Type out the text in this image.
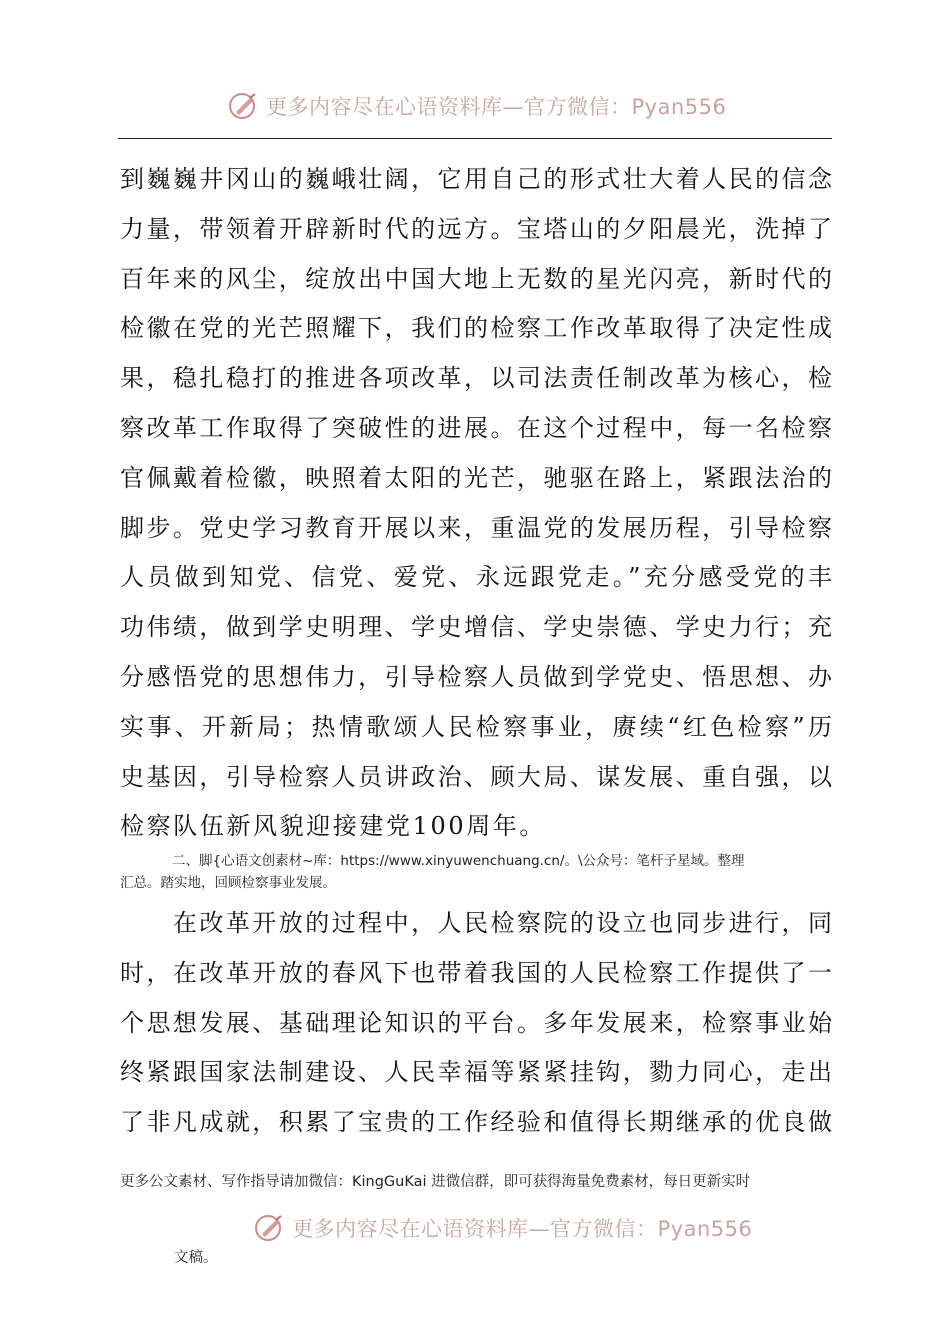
更多内容尽在心语资料库—官方微信：Pyan556
到巍巍井冈山的巍峨壮阔，它用自己的形式壮大着人民的信念
力量，带领着开辟新时代的远方。宝塔山的夕阳晨光，洗掉了
百年来的风尘，绽放出中国大地上无数的星光闪亮，新时代的
检徽在党的光芒照耀下，我们的检察工作改革取得了决定性成
果，稳扎稳打的推进各项改革，以司法责任制改革为核心，检
察改革工作取得了突破性的进展。在这个过程中，每一名检察
官佩戴着检徽，映照着太阳的光芒，驰驱在路上，紧跟法治的
脚步。党史学习教育开展以来，重温党的发展历程，引导检察
人员做到知党、信党、爱党、永远跟党走。”充分感受党的丰
功伟绩，做到学史明理、学史增信、学史崇德、学史力行；充
分感悟党的思想伟力，引导检察人员做到学党史、悟思想、办
实事、开新局；热情歌颂人民检察事业，赓续“红色检察”历
史基因，引导检察人员讲政治、顾大局、谋发展、重自强，以
检察队伍新风貌迎接建党100周年。
二、脚{心语文创素材~库：https://www.xinyuwenchuang.cn/。\公众号：笔杆子星域。整理
汇总。踏实地，回顾检察事业发展。
　　在改革开放的过程中，人民检察院的设立也同步进行，同
时，在改革开放的春风下也带着我国的人民检察工作提供了一
个思想发展、基础理论知识的平台。多年发展来，检察事业始
终紧跟国家法制建设、人民幸福等紧紧挂钩，勠力同心，走出
了非凡成就，积累了宝贵的工作经验和值得长期继承的优良做
更多公文素材、写作指导请加微信：KingGuKai 进微信群，即可获得海量免费素材，每日更新实时
更多内容尽在心语资料库—官方微信：Pyan556
文稿。
